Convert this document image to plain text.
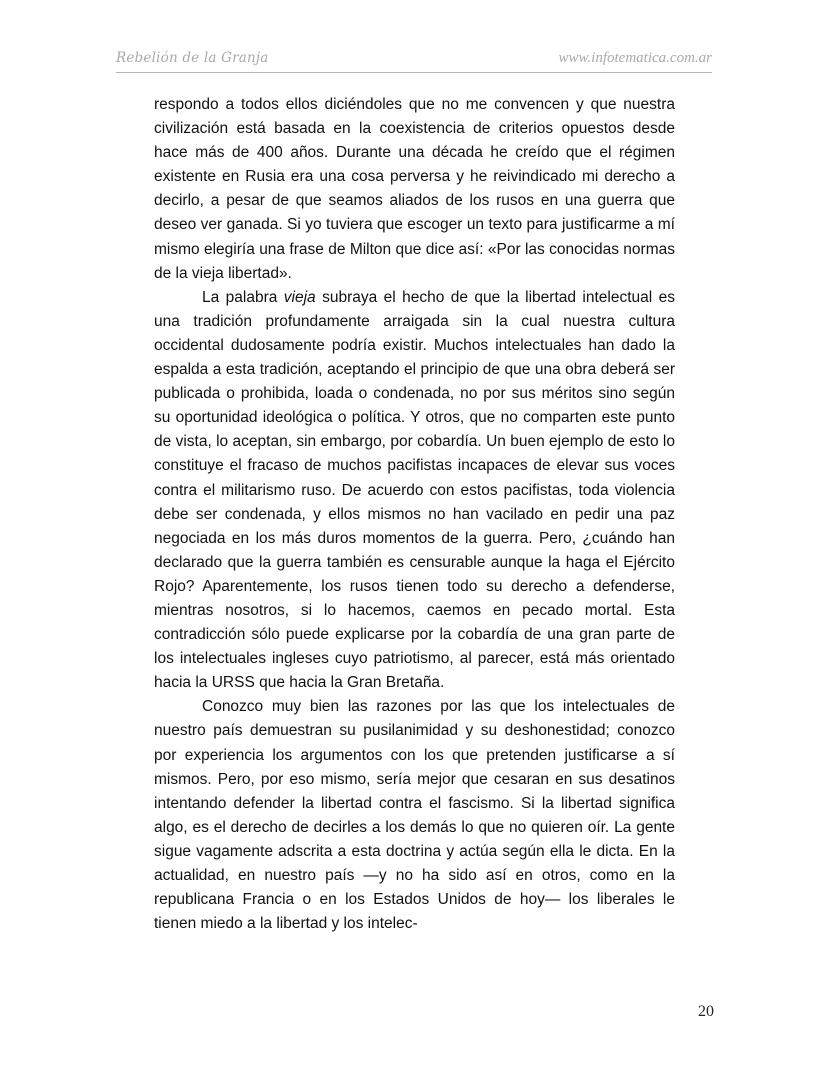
Rebelión de la Granja	www.infotematica.com.ar

respondo a todos ellos diciéndoles que no me convencen y que nuestra civilización está basada en la coexistencia de criterios opuestos desde hace más de 400 años. Durante una década he creído que el régimen existente en Rusia era una cosa perversa y he reivindicado mi derecho a decirlo, a pesar de que seamos aliados de los rusos en una guerra que deseo ver ganada. Si yo tuviera que escoger un texto para justificarme a mí mismo elegiría una frase de Milton que dice así: «Por las conocidas normas de la vieja libertad».

La palabra vieja subraya el hecho de que la libertad intelectual es una tradición profundamente arraigada sin la cual nuestra cultura occidental dudosamente podría existir. Muchos intelectuales han dado la espalda a esta tradición, aceptando el principio de que una obra deberá ser publicada o prohibida, loada o condenada, no por sus méritos sino según su oportunidad ideológica o política. Y otros, que no comparten este punto de vista, lo aceptan, sin embargo, por cobardía. Un buen ejemplo de esto lo constituye el fracaso de muchos pacifistas incapaces de elevar sus voces contra el militarismo ruso. De acuerdo con estos pacifistas, toda violencia debe ser condenada, y ellos mismos no han vacilado en pedir una paz negociada en los más duros momentos de la guerra. Pero, ¿cuándo han declarado que la guerra también es censurable aunque la haga el Ejército Rojo? Aparentemente, los rusos tienen todo su derecho a defenderse, mientras nosotros, si lo hacemos, caemos en pecado mortal. Esta contradicción sólo puede explicarse por la cobardía de una gran parte de los intelectuales ingleses cuyo patriotismo, al parecer, está más orientado hacia la URSS que hacia la Gran Bretaña.

Conozco muy bien las razones por las que los intelectuales de nuestro país demuestran su pusilanimidad y su deshonestidad; conozco por experiencia los argumentos con los que pretenden justificarse a sí mismos. Pero, por eso mismo, sería mejor que cesaran en sus desatinos intentando defender la libertad contra el fascismo. Si la libertad significa algo, es el derecho de decirles a los demás lo que no quieren oír. La gente sigue vagamente adscrita a esta doctrina y actúa según ella le dicta. En la actualidad, en nuestro país —y no ha sido así en otros, como en la republicana Francia o en los Estados Unidos de hoy— los liberales le tienen miedo a la libertad y los intelec-

20
